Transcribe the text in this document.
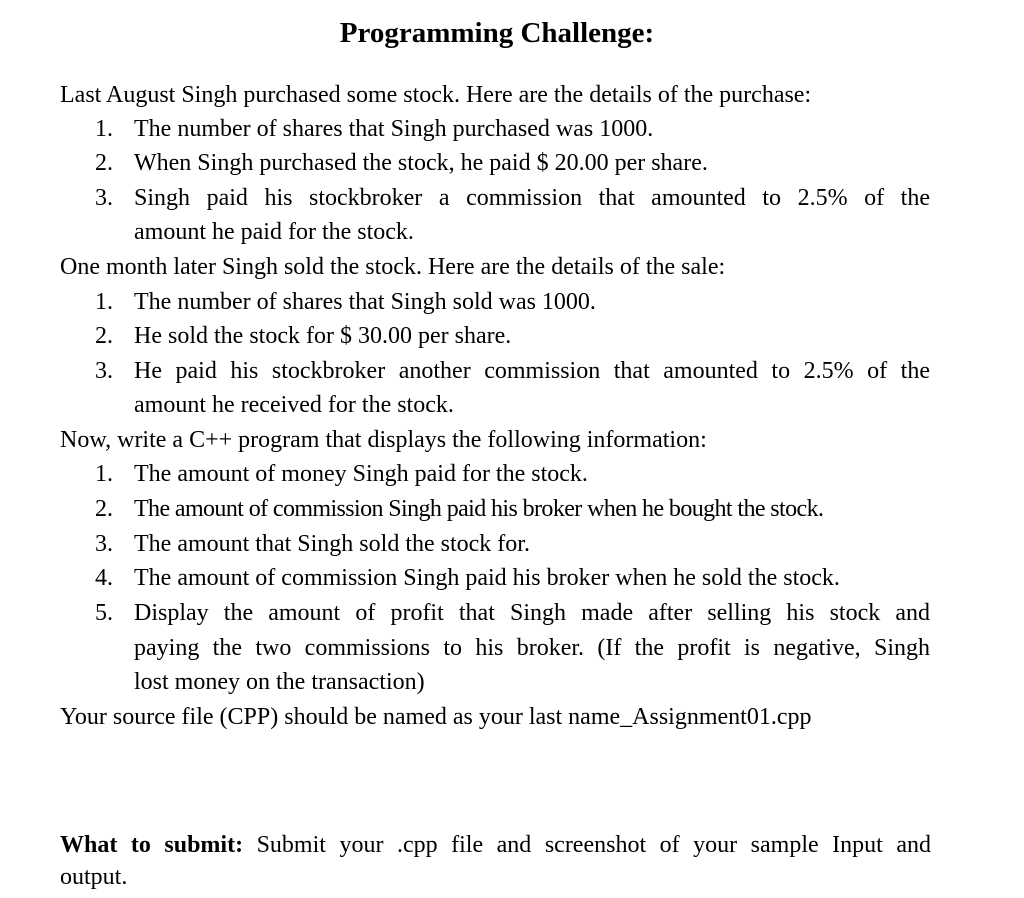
Programming Challenge:

Last August Singh purchased some stock. Here are the details of the purchase:

1. The number of shares that Singh purchased was 1000.
2. When Singh purchased the stock, he paid $ 20.00 per share.
3. Singh paid his stockbroker a commission that amounted to 2.5% of the

amount he paid for the stock.

One month later Singh sold the stock. Here are the details of the sale:

1. The number of shares that Singh sold was 1000.
2. He sold the stock for $ 30.00 per share.
3. He paid his stockbroker another commission that amounted to 2.5% of the

amount he received for the stock.

Now, write a C++ program that displays the following information:

1. The amount of money Singh paid for the stock.
2. The amount of commission Singh paid his broker when he bought the stock.
3. The amount that Singh sold the stock for.
4. The amount of commission Singh paid his broker when he sold the stock.
5. Display the amount of profit that Singh made after selling his stock and

paying the two commissions to his broker. (If the profit is negative, Singh

lost money on the transaction)

Your source file (CPP) should be named as your last name_Assignment01.cpp

What to submit: Submit your .cpp file and screenshot of your sample Input and
output.
